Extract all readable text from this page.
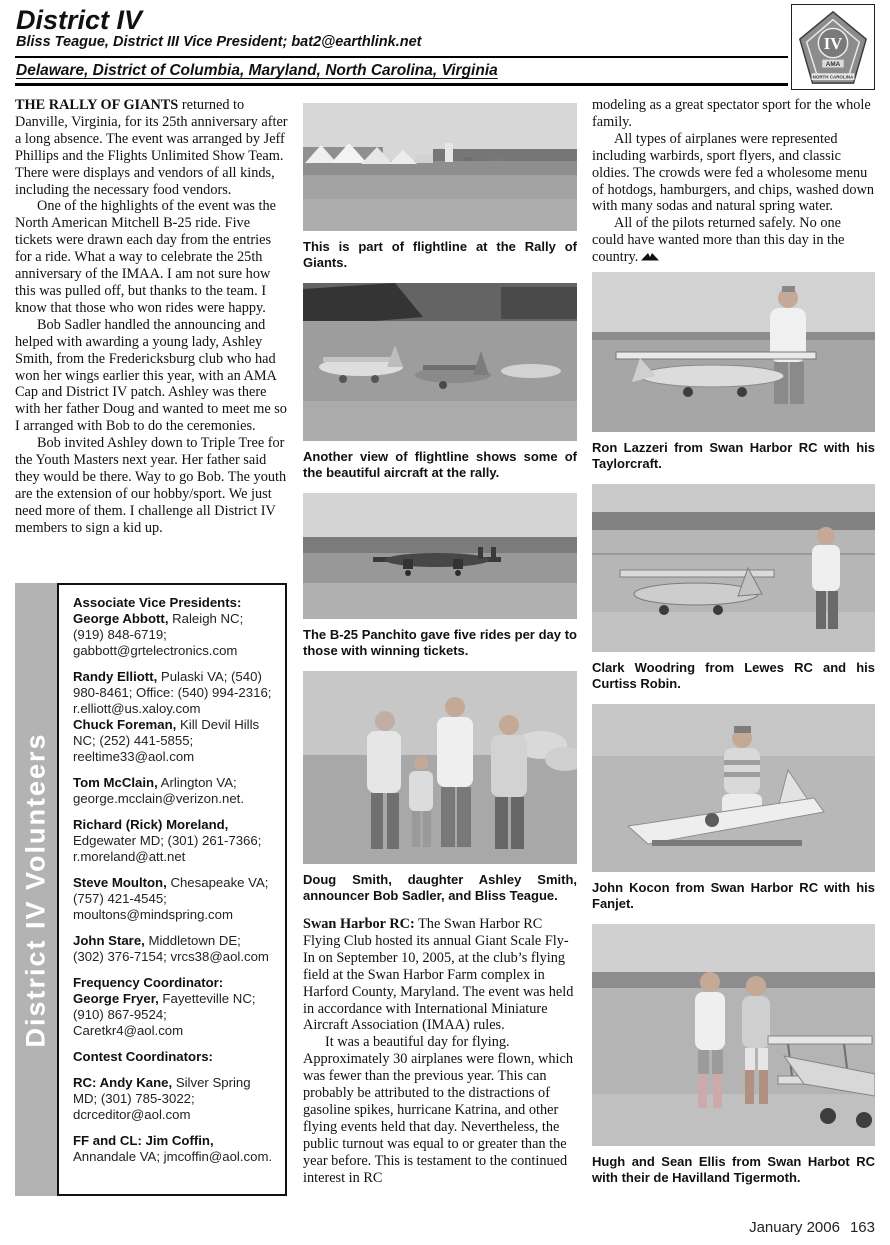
District IV
Bliss Teague, District III Vice President; bat2@earthlink.net
Delaware, District of Columbia, Maryland, North Carolina, Virginia
IV
AMA
NORTH CAROLINA

THE RALLY OF GIANTS returned to Danville, Virginia, for its 25th anniversary after a long absence. The event was arranged by Jeff Phillips and the Flights Unlimited Show Team. There were displays and vendors of all kinds, including the necessary food vendors.

One of the highlights of the event was the North American Mitchell B-25 ride. Five tickets were drawn each day from the entries for a ride. What a way to celebrate the 25th anniversary of the IMAA. I am not sure how this was pulled off, but thanks to the team. I know that those who won rides were happy.

Bob Sadler handled the announcing and helped with awarding a young lady, Ashley Smith, from the Fredericksburg club who had won her wings earlier this year, with an AMA Cap and District IV patch. Ashley was there with her father Doug and wanted to meet me so I arranged with Bob to do the ceremonies.

Bob invited Ashley down to Triple Tree for the Youth Masters next year. Her father said they would be there. Way to go Bob. The youth are the extension of our hobby/sport. We just need more of them. I challenge all District IV members to sign a kid up.

District IV Volunteers

Associate Vice Presidents:

George Abbott, Raleigh NC; (919) 848-6719; gabbott@grtelectronics.com

Randy Elliott, Pulaski VA; (540) 980-8461; Office: (540) 994-2316; r.elliott@us.xaloy.com

Chuck Foreman, Kill Devil Hills NC; (252) 441-5855; reeltime33@aol.com

Tom McClain, Arlington VA; george.mcclain@verizon.net.

Richard (Rick) Moreland, Edgewater MD; (301) 261-7366; r.moreland@att.net

Steve Moulton, Chesapeake VA; (757) 421-4545; moultons@mindspring.com

John Stare, Middletown DE; (302) 376-7154; vrcs38@aol.com

Frequency Coordinator:

George Fryer, Fayetteville NC; (910) 867-9524; Caretkr4@aol.com

Contest Coordinators:

RC: Andy Kane, Silver Spring MD; (301) 785-3022; dcrceditor@aol.com

FF and CL: Jim Coffin, Annandale VA; jmcoffin@aol.com.

This is part of flightline at the Rally of Giants.
Another view of flightline shows some of the beautiful aircraft at the rally.
The B-25 Panchito gave five rides per day to those with winning tickets.
Doug Smith, daughter Ashley Smith, announcer Bob Sadler, and Bliss Teague.

Swan Harbor RC: The Swan Harbor RC Flying Club hosted its annual Giant Scale Fly-In on September 10, 2005, at the club’s flying field at the Swan Harbor Farm complex in Harford County, Maryland. The event was held in accordance with International Miniature Aircraft Association (IMAA) rules.

It was a beautiful day for flying. Approximately 30 airplanes were flown, which was fewer than the previous year. This can probably be attributed to the distractions of gasoline spikes, hurricane Katrina, and other flying events held that day. Nevertheless, the public turnout was equal to or greater than the year before. This is testament to the continued interest in RC

modeling as a great spectator sport for the whole family.

All types of airplanes were represented including warbirds, sport flyers, and classic oldies. The crowds were fed a wholesome menu of hotdogs, hamburgers, and chips, washed down with many sodas and natural spring water.

All of the pilots returned safely. No one could have wanted more than this day in the country.

Ron Lazzeri from Swan Harbor RC with his Taylorcraft.
Clark Woodring from Lewes RC and his Curtiss Robin.
John Kocon from Swan Harbor RC with his Fanjet.
Hugh and Sean Ellis from Swan Harbot RC with their de Havilland Tigermoth.
January 2006 163
